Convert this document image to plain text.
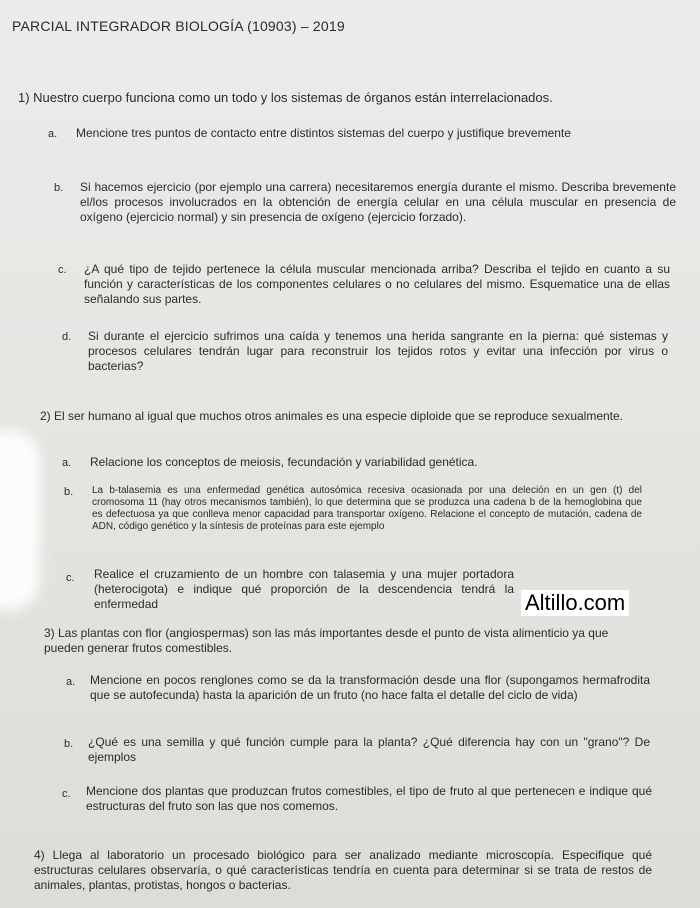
PARCIAL INTEGRADOR BIOLOGÍA (10903) – 2019
1) Nuestro cuerpo funciona como un todo y los sistemas de órganos están interrelacionados.
a. Mencione tres puntos de contacto entre distintos sistemas del cuerpo y justifique brevemente
b. Si hacemos ejercicio (por ejemplo una carrera) necesitaremos energía durante el mismo. Describa brevemente el/los procesos involucrados en la obtención de energía celular en una célula muscular en presencia de oxígeno (ejercicio normal) y sin presencia de oxígeno (ejercicio forzado).
c. ¿A qué tipo de tejido pertenece la célula muscular mencionada arriba? Describa el tejido en cuanto a su función y características de los componentes celulares o no celulares del mismo. Esquematice una de ellas señalando sus partes.
d. Si durante el ejercicio sufrimos una caída y tenemos una herida sangrante en la pierna: qué sistemas y procesos celulares tendrán lugar para reconstruir los tejidos rotos y evitar una infección por virus o bacterias?
2) El ser humano al igual que muchos otros animales es una especie diploide que se reproduce sexualmente.
a. Relacione los conceptos de meiosis, fecundación y variabilidad genética.
b. La b-talasemia es una enfermedad genética autosómica recesiva ocasionada por una deleción en un gen (t) del cromosoma 11 (hay otros mecanismos también), lo que determina que se produzca una cadena b de la hemoglobina que es defectuosa ya que conlleva menor capacidad para transportar oxígeno. Relacione el concepto de mutación, cadena de ADN, código genético y la síntesis de proteínas para este ejemplo
c. Realice el cruzamiento de un hombre con talasemia y una mujer portadora (heterocigota) e indique qué proporción de la descendencia tendrá la enfermedad	Altillo.com
3) Las plantas con flor (angiospermas) son las más importantes desde el punto de vista alimenticio ya que pueden generar frutos comestibles.
a. Mencione en pocos renglones como se da la transformación desde una flor (supongamos hermafrodita que se autofecunda) hasta la aparición de un fruto (no hace falta el detalle del ciclo de vida)
b. ¿Qué es una semilla y qué función cumple para la planta? ¿Qué diferencia hay con un "grano"? De ejemplos
c. Mencione dos plantas que produzcan frutos comestibles, el tipo de fruto al que pertenecen e indique qué estructuras del fruto son las que nos comemos.
4) Llega al laboratorio un procesado biológico para ser analizado mediante microscopía. Especifique qué estructuras celulares observaría, o qué características tendría en cuenta para determinar si se trata de restos de animales, plantas, protistas, hongos o bacterias.
